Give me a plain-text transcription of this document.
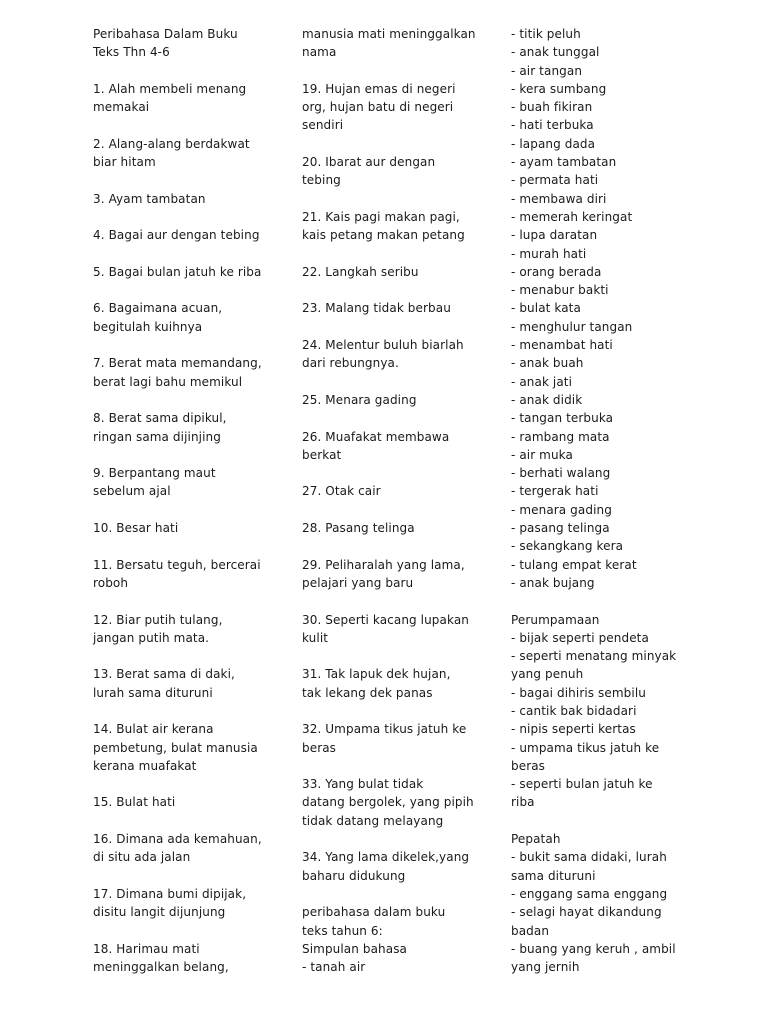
Peribahasa Dalam Buku
Teks Thn 4-6
1. Alah membeli menang
memakai
2. Alang-alang berdakwat
biar hitam
3. Ayam tambatan
4. Bagai aur dengan tebing
5. Bagai bulan jatuh ke riba
6. Bagaimana acuan,
begitulah kuihnya
7. Berat mata memandang,
berat lagi bahu memikul
8. Berat sama dipikul,
ringan sama dijinjing
9. Berpantang maut
sebelum ajal
10. Besar hati
11. Bersatu teguh, bercerai
roboh
12. Biar putih tulang,
jangan putih mata.
13. Berat sama di daki,
lurah sama dituruni
14. Bulat air kerana
pembetung, bulat manusia
kerana muafakat
15. Bulat hati
16. Dimana ada kemahuan,
di situ ada jalan
17. Dimana bumi dipijak,
disitu langit dijunjung
18. Harimau mati
meninggalkan belang,
manusia mati meninggalkan
nama
19. Hujan emas di negeri
org, hujan batu di negeri
sendiri
20. Ibarat aur dengan
tebing
21. Kais pagi makan pagi,
kais petang makan petang
22. Langkah seribu
23. Malang tidak berbau
24. Melentur buluh biarlah
dari rebungnya.
25. Menara gading
26. Muafakat membawa
berkat
27. Otak cair
28. Pasang telinga
29. Peliharalah yang lama,
pelajari yang baru
30. Seperti kacang lupakan
kulit
31. Tak lapuk dek hujan,
tak lekang dek panas
32. Umpama tikus jatuh ke
beras
33. Yang bulat tidak
datang bergolek, yang pipih
tidak datang melayang
34. Yang lama dikelek,yang
baharu didukung
peribahasa dalam buku
teks tahun 6:
Simpulan bahasa
- tanah air
- titik peluh
- anak tunggal
- air tangan
- kera sumbang
- buah fikiran
- hati terbuka
- lapang dada
- ayam tambatan
- permata hati
- membawa diri
- memerah keringat
- lupa daratan
- murah hati
- orang berada
- menabur bakti
- bulat kata
- menghulur tangan
- menambat hati
- anak buah
- anak jati
- anak didik
- tangan terbuka
- rambang mata
- air muka
- berhati walang
- tergerak hati
- menara gading
- pasang telinga
- sekangkang kera
- tulang empat kerat
- anak bujang
Perumpamaan
- bijak seperti pendeta
- seperti menatang minyak
yang penuh
- bagai dihiris sembilu
- cantik bak bidadari
- nipis seperti kertas
- umpama tikus jatuh ke
beras
- seperti bulan jatuh ke
riba
Pepatah
- bukit sama didaki, lurah
sama dituruni
- enggang sama enggang
- selagi hayat dikandung
badan
- buang yang keruh , ambil
yang jernih
